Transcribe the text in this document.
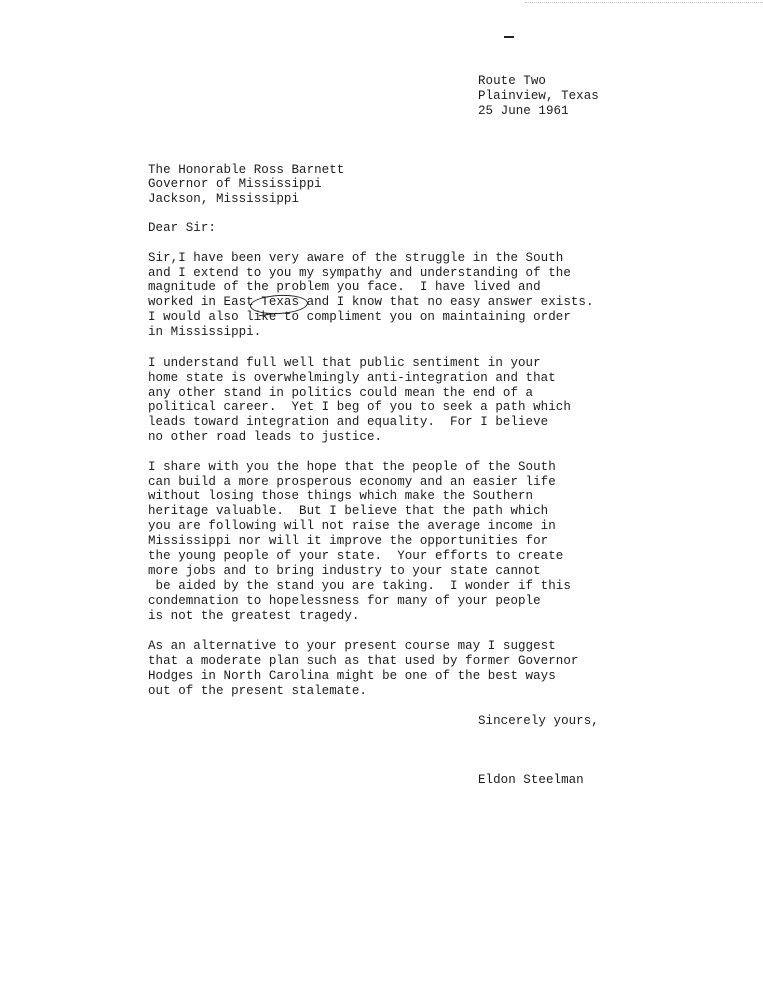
Route Two
Plainview, Texas
25 June 1961
The Honorable Ross Barnett
Governor of Mississippi
Jackson, Mississippi
Dear Sir:
Sir,I have been very aware of the struggle in the South
and I extend to you my sympathy and understanding of the
magnitude of the problem you face.  I have lived and
worked in East Texas and I know that no easy answer exists.
I would also like to compliment you on maintaining order
in Mississippi.
I understand full well that public sentiment in your
home state is overwhelmingly anti-integration and that
any other stand in politics could mean the end of a
political career.  Yet I beg of you to seek a path which
leads toward integration and equality.  For I believe
no other road leads to justice.
I share with you the hope that the people of the South
can build a more prosperous economy and an easier life
without losing those things which make the Southern
heritage valuable.  But I believe that the path which
you are following will not raise the average income in
Mississippi nor will it improve the opportunities for
the young people of your state.  Your efforts to create
more jobs and to bring industry to your state cannot
be aided by the stand you are taking.  I wonder if this
condemnation to hopelessness for many of your people
is not the greatest tragedy.
As an alternative to your present course may I suggest
that a moderate plan such as that used by former Governor
Hodges in North Carolina might be one of the best ways
out of the present stalemate.
Sincerely yours,
Eldon Steelman
